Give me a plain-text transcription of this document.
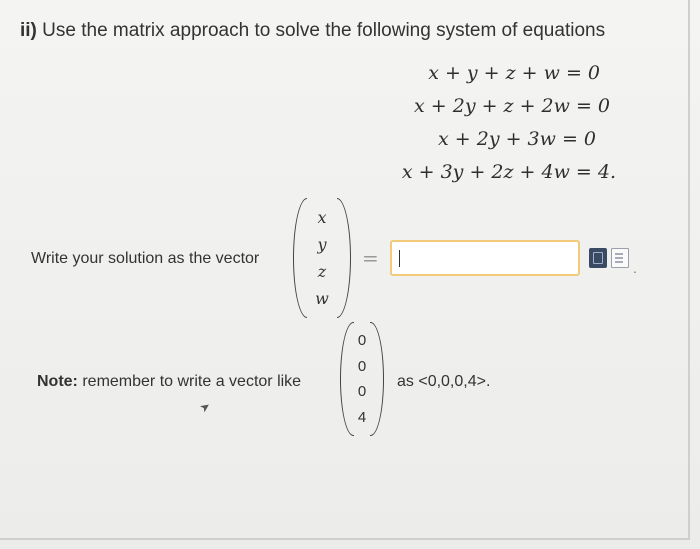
ii) Use the matrix approach to solve the following system of equations
x + y + z + w = 0
x + 2y + z + 2w = 0
x + 2y + 3w = 0
x + 3y + 2z + 4w = 4.
Write your solution as the vector
x
y
z
w
=	.
Note: remember to write a vector like
0
0
0
4
as <0,0,0,4>.
➤
